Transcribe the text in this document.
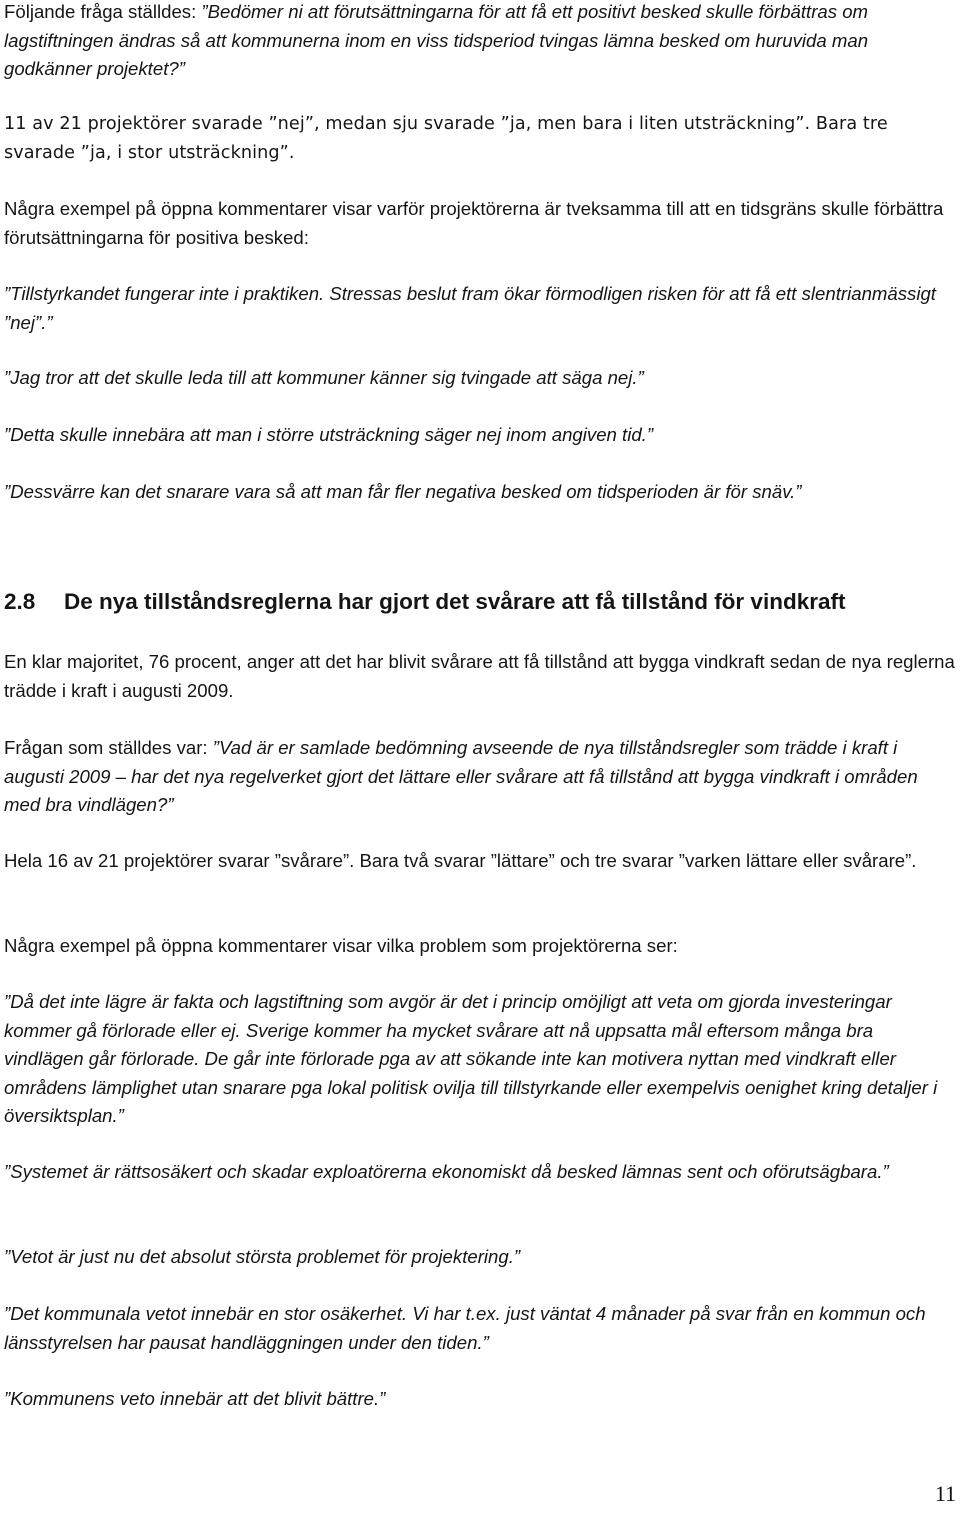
Följande fråga ställdes: ”Bedömer ni att förutsättningarna för att få ett positivt besked skulle förbättras om lagstiftningen ändras så att kommunerna inom en viss tidsperiod tvingas lämna besked om huruvida man godkänner projektet?”

11 av 21 projektörer svarade ”nej”, medan sju svarade ”ja, men bara i liten utsträckning”. Bara tre svarade ”ja, i stor utsträckning”.

Några exempel på öppna kommentarer visar varför projektörerna är tveksamma till att en tidsgräns skulle förbättra förutsättningarna för positiva besked:

”Tillstyrkandet fungerar inte i praktiken. Stressas beslut fram ökar förmodligen risken för att få ett slentrianmässigt ”nej”.”

”Jag tror att det skulle leda till att kommuner känner sig tvingade att säga nej.”

”Detta skulle innebära att man i större utsträckning säger nej inom angiven tid.”

”Dessvärre kan det snarare vara så att man får fler negativa besked om tidsperioden är för snäv.”

2.8 De nya tillståndsreglerna har gjort det svårare att få tillstånd för vindkraft

En klar majoritet, 76 procent, anger att det har blivit svårare att få tillstånd att bygga vindkraft sedan de nya reglerna trädde i kraft i augusti 2009.

Frågan som ställdes var: ”Vad är er samlade bedömning avseende de nya tillståndsregler som trädde i kraft i augusti 2009 – har det nya regelverket gjort det lättare eller svårare att få tillstånd att bygga vindkraft i områden med bra vindlägen?”

Hela 16 av 21 projektörer svarar ”svårare”. Bara två svarar ”lättare” och tre svarar ”varken lättare eller svårare”.

Några exempel på öppna kommentarer visar vilka problem som projektörerna ser:

”Då det inte lägre är fakta och lagstiftning som avgör är det i princip omöjligt att veta om gjorda investeringar kommer gå förlorade eller ej. Sverige kommer ha mycket svårare att nå uppsatta mål eftersom många bra vindlägen går förlorade. De går inte förlorade pga av att sökande inte kan motivera nyttan med vindkraft eller områdens lämplighet utan snarare pga lokal politisk ovilja till tillstyrkande eller exempelvis oenighet kring detaljer i översiktsplan.”

”Systemet är rättsosäkert och skadar exploatörerna ekonomiskt då besked lämnas sent och oförutsägbara.”

”Vetot är just nu det absolut största problemet för projektering.”

”Det kommunala vetot innebär en stor osäkerhet. Vi har t.ex. just väntat 4 månader på svar från en kommun och länsstyrelsen har pausat handläggningen under den tiden.”

”Kommunens veto innebär att det blivit bättre.”

11
